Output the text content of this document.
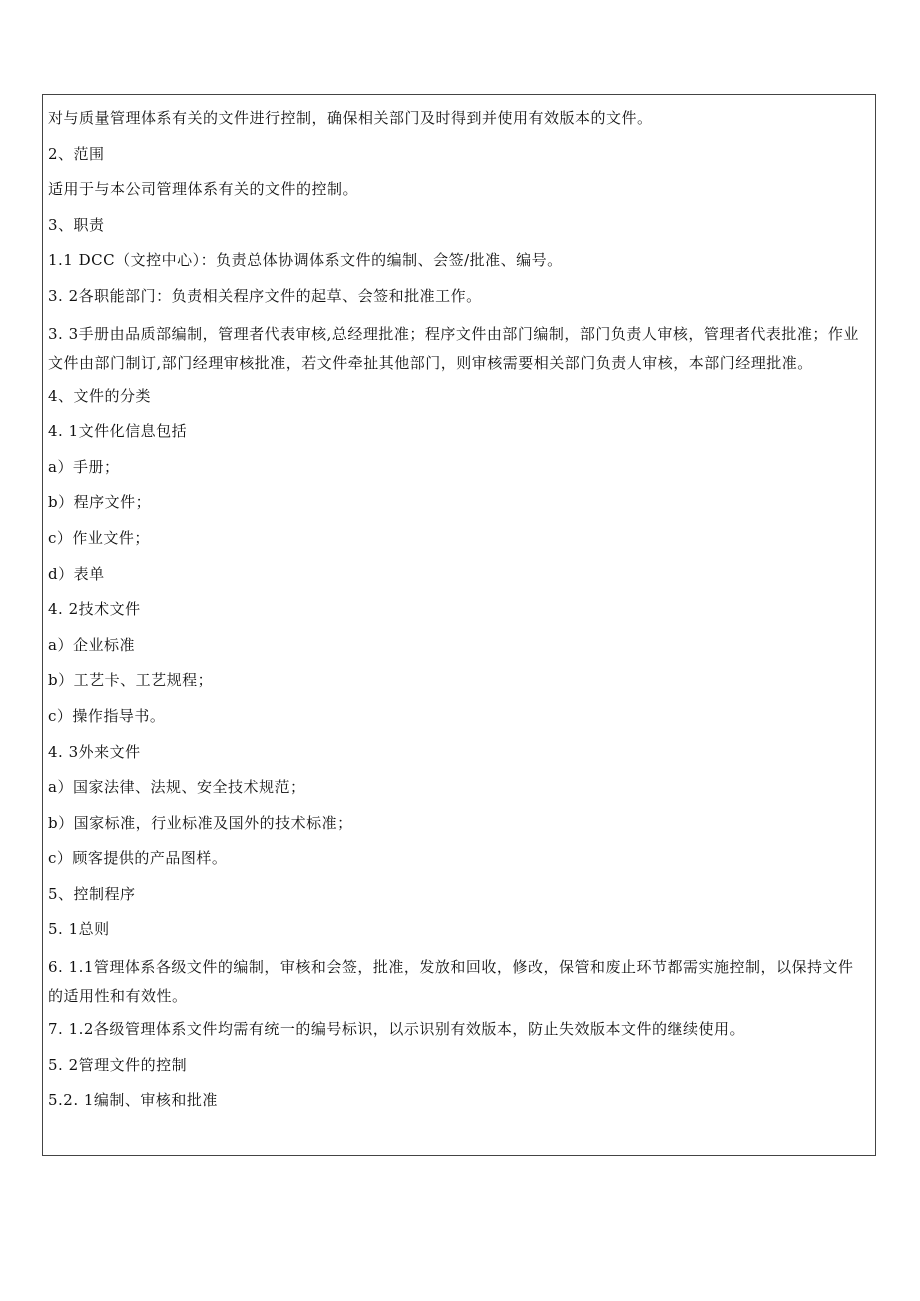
对与质量管理体系有关的文件进行控制，确保相关部门及时得到并使用有效版本的文件。

2、范围

适用于与本公司管理体系有关的文件的控制。

3、职责

1.1 DCC（文控中心）：负责总体协调体系文件的编制、会签/批准、编号。

3. 2各职能部门：负责相关程序文件的起草、会签和批准工作。

3. 3手册由品质部编制，管理者代表审核,总经理批准；程序文件由部门编制，部门负责人审核，管理者代表批准；作业文件由部门制订,部门经理审核批准，若文件牵扯其他部门，则审核需要相关部门负责人审核，本部门经理批准。

4、文件的分类

4. 1文件化信息包括

a）手册；

b）程序文件；

c）作业文件；

d）表单

4. 2技术文件

a）企业标准

b）工艺卡、工艺规程；

c）操作指导书。

4. 3外来文件

a）国家法律、法规、安全技术规范；

b）国家标准，行业标准及国外的技术标准；

c）顾客提供的产品图样。

5、控制程序

5. 1总则

6. 1.1管理体系各级文件的编制，审核和会签，批准，发放和回收，修改，保管和废止环节都需实施控制，以保持文件的适用性和有效性。

7. 1.2各级管理体系文件均需有统一的编号标识，以示识别有效版本，防止失效版本文件的继续使用。

5. 2管理文件的控制

5.2. 1编制、审核和批准
